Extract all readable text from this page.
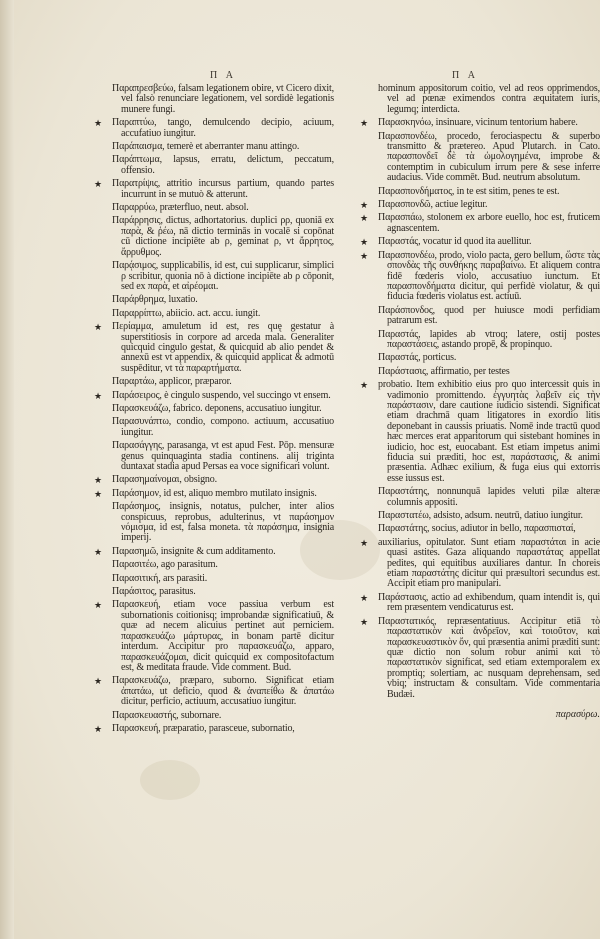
Π A	Π A

Παραπρεσβεύω, falsam legationem obire, vt Cicero dixit, vel falsò renunciare legationem, vel sordidè legationis munere fungi.

★ Παραπτύω, tango, demulcendo decipio, aciuum, accufatiuo iungitur.

Παράπαισμα, temerè et aberranter manu attingo.

Παράπτωμα, lapsus, erratu, delictum, peccatum, offensio.

★ Παρατρίψις, attritio incursus partium, quando partes incurrunt in se mutuò & atterunt.

Παραρρύω, præterfluo, neut. absol.

Παράρρησις, dictus, adhortatorius. duplici ρρ, quoniā ex παρὰ, & ῥέω, nā dictio terminās in vocalē si copōnat cū dictione incipiēte ab ρ, geminat ρ, vt ἄρρητος, ἄρρυθμος.

Παρᾴσιμος, supplicabilis, id est, cui supplicarur, simplici ρ scribitur, quonia nō à dictione incipiēte ab ρ cōponit, sed ex παρὰ, et αἰρέομαι.

Παράρθρημα, luxatio.

Παραρρίπτω, abiicio. act. accu. iungit.

★ Περίαμμα, amuletum id est, res quę gestatur à superstitiosis in corpore ad arceda mala. Generaliter quicquid cingulo gestat, & quicquid ab alio pendet & annexū est vt appendix, & quicquid applicat & admotū suspēditur, vt τὰ παραρτήματα.

Παραρτάω, applicor, præparor.

★ Παράσειρος, è cingulo suspendo, vel succingo vt ensem.

Παρασκευάζω, fabrico. deponens, accusatiuo iungitur.

Παρασυνάπτω, condio, compono. actiuum, accusatiuo iungitur.

Παρασάγγης, parasanga, vt est apud Fest. Pōp. mensuræ genus quinquaginta stadia continens. alij triginta duntaxat stadia apud Persas ea voce significari volunt.

★ Παρασημαίνομαι, obsigno.

★ Παράσημον, id est, aliquo membro mutilato insignis.

Παράσημος, insignis, notatus, pulcher, inter alios conspicuus, reprobus, adulterinus, vt παράσημον νόμισμα, id est, falsa moneta. τὰ παράσημα, insignia imperij.

★ Παρασημῶ, insignite & cum additamento.

Παρασιτέω, ago parasitum.

Παρασιτική, ars parasiti.

Παράσιτος, parasitus.

★ Παρασκευή, etiam voce passiua verbum est subornationis coitionisq; improbandæ significatiuū, & quæ ad necem alicuius pertinet aut perniciem. παρασκευάζω μάρτυρας, in bonam partē dicitur interdum. Accipitur pro παρασκευάζω, apparo, παρασκευάζομαι, dicit quicquid ex compositofactum est, & meditata fraude. Vide comment. Bud.

★ Παρασκευάζω, præparo, suborno. Significat etiam ἀπατάω, ut deficio, quod & ἀναπείθω & ἀπατάω dicitur, perficio, actiuum, accusatiuo iungitur.

Παρασκευαστής, subornare.

★ Παρασκευή, præparatio, parasceue, subornatio,

hominum appositorum coitio, vel ad reos opprimendos, vel ad pœnæ eximendos contra æquitatem iuris, legumq; interdicta.

★ Παρασκηνόω, insinuare, vicinum tentorium habere.

Παρασπονδέω, procedo, ferociaspectu & superbo transmitto & prætereo. Apud Plutarch. in Cato. παρασπονδεῖ δὲ τὰ ὡμολογημένα, improbe & contemptim in cubiculum irrum pere & sese inferre audacius. Vide commēt. Bud. neutrum absolutum.

Παρασπονδήματος, in te est sitim, penes te est.

★ Παρασπονδῶ, actiue legitur.

★ Παρασπάω, stolonem ex arbore euello, hoc est, fruticem agnascentem.

★ Παραστάς, vocatur id quod ita auellitur.

★ Παρασπονδέω, prodo, violo pacta, gero bellum, ὥστε τὰς σπονδὰς τῆς συνθήκης παραβαίνω. Et aliquem contra fidē fœderis violo, accusatiuo iunctum. Et παρασπονδήματα dicitur, qui perfidè violatur, & qui fiducia fœderis violatus est. actiuū.

Παράσπονδος, quod per huiusce modi perfidiam patrarum est.

Παραστάς, lapides ab vtroq; latere, ostij postes παραστάσεις, astando propē, & propinquo.

Παραστάς, porticus.

Παράστασις, affirmatio, per testes

★ probatio. Item exhibitio eius pro quo intercessit quis in vadimonio promittendo. ἐγγυητὰς λαβεῖν εἰς τὴν παράστασιν, dare cautione iudicio sistendi. Significat etiam drachmā quam litigatores in exordio litis deponebant in caussis priuatis. Nomē inde tractū quod hæc merces erat apparitorum qui sistebant homines in iudicio, hoc est, euocabant. Est etiam impetus animi fiducia sui præditi, hoc est, παράστασις, & animi præsentia. Adhæc exilium, & fuga eius qui extorris esse iussus est.

Παραστάτης, nonnunquā lapides veluti pilæ alteræ columnis appositi.

Παραστατέω, adsisto, adsum. neutrū, datiuo iungitur.

Παραστάτης, socius, adiutor in bello, παρασπισταί,

★ auxiliarius, opitulator. Sunt etiam παραστάται in acie quasi astites. Gaza aliquando παραστάτας appellat pedites, qui equitibus auxiliares dantur. In choreis etiam παραστάτης dicitur qui præsultori secundus est. Accipit etiam pro manipulari.

★ Παράστασις, actio ad exhibendum, quam intendit is, qui rem præsentem vendicaturus est.

★ Παραστατικός, repræsentatiuus. Accipitur etiā τὸ παραστατικὸν καὶ ἀνδρεῖον, καὶ τοιοῦτον, καὶ παρασκευαστικὸν ὄν, qui præsentia animi præditi sunt: quæ dictio non solum robur animi καὶ τὸ παραστατικὸν significat, sed etiam extemporalem ex promptiq; solertiam, ac nusquam deprehensam, sed vbiq; instructam & consultam. Vide commentaria Budæi.

παρασύρω.
